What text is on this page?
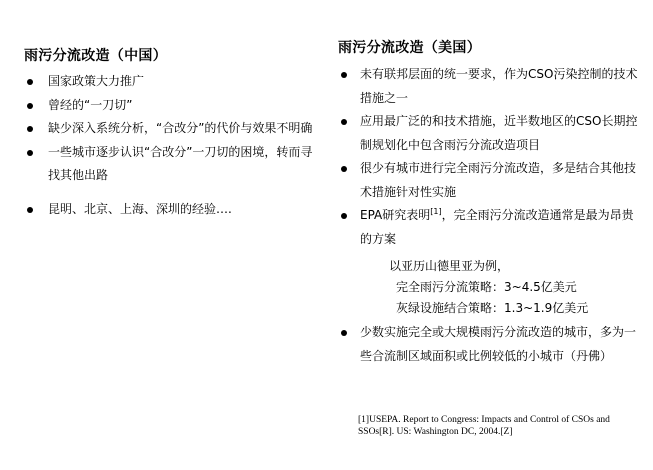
雨污分流改造（中国）
国家政策大力推广
曾经的“一刀切”
缺少深入系统分析，“合改分”的代价与效果不明确
一些城市逐步认识“合改分”一刀切的困境，转而寻找其他出路
昆明、北京、上海、深圳的经验….
雨污分流改造（美国）
未有联邦层面的统一要求，作为CSO污染控制的技术措施之一
应用最广泛的和技术措施，近半数地区的CSO长期控制规划化中包含雨污分流改造项目
很少有城市进行完全雨污分流改造，多是结合其他技术措施针对性实施
EPA研究表明[1]，完全雨污分流改造通常是最为昂贵的方案
以亚历山德里亚为例，
完全雨污分流策略：3~4.5亿美元
灰绿设施结合策略：1.3~1.9亿美元
少数实施完全或大规模雨污分流改造的城市，多为一些合流制区域面积或比例较低的小城市（丹佛）
[1]USEPA. Report to Congress: Impacts and Control of CSOs and SSOs[R]. US: Washington DC, 2004.[Z]
